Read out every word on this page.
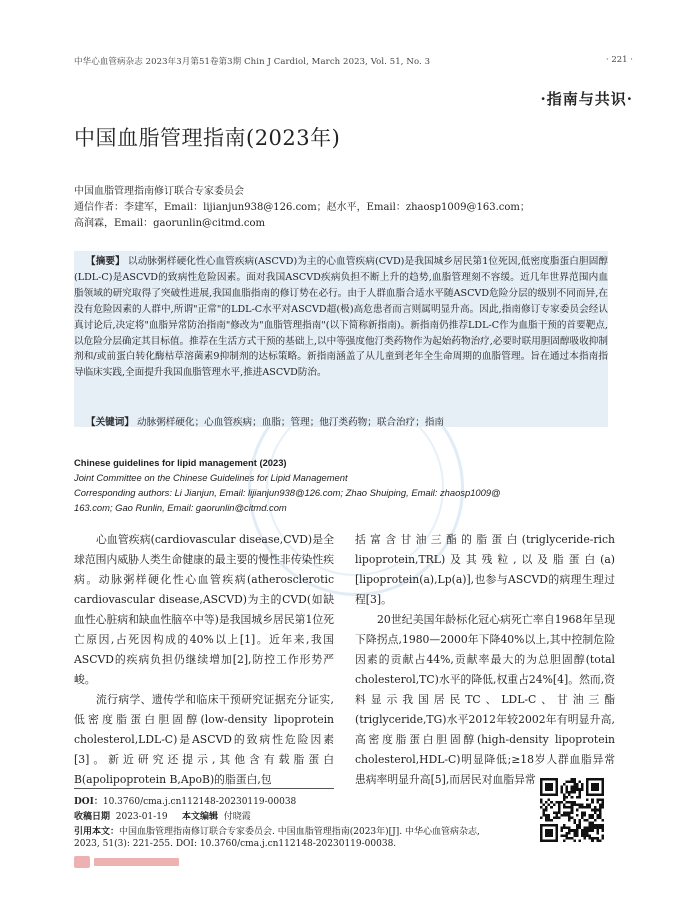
中华心血管病杂志 2023年3月第51卷第3期 Chin J Cardiol, March 2023, Vol. 51, No. 3	· 221 ·
·指南与共识·
中国血脂管理指南(2023年)
中国血脂管理指南修订联合专家委员会
通信作者：李建军，Email：lijianjun938@126.com；赵水平，Email：zhaosp1009@163.com；
高润霖，Email：gaorunlin@citmd.com
【摘要】 以动脉粥样硬化性心血管疾病(ASCVD)为主的心血管疾病(CVD)是我国城乡居民第1位死因,低密度脂蛋白胆固醇(LDL-C)是ASCVD的致病性危险因素。面对我国ASCVD疾病负担不断上升的趋势,血脂管理刻不容缓。近几年世界范围内血脂领域的研究取得了突破性进展,我国血脂指南的修订势在必行。由于人群血脂合适水平随ASCVD危险分层的级别不同而异,在没有危险因素的人群中,所谓"正常"的LDL-C水平对ASCVD超(极)高危患者而言则属明显升高。因此,指南修订专家委员会经认真讨论后,决定将"血脂异常防治指南"修改为"血脂管理指南"(以下简称新指南)。新指南仍推荐LDL-C作为血脂干预的首要靶点,以危险分层确定其目标值。推荐在生活方式干预的基础上,以中等强度他汀类药物作为起始药物治疗,必要时联用胆固醇吸收抑制剂和/或前蛋白转化酶枯草溶菌素9抑制剂的达标策略。新指南涵盖了从儿童到老年全生命周期的血脂管理。旨在通过本指南指导临床实践,全面提升我国血脂管理水平,推进ASCVD防治。
【关键词】 动脉粥样硬化；心血管疾病；血脂；管理；他汀类药物；联合治疗；指南
Chinese guidelines for lipid management (2023)
Joint Committee on the Chinese Guidelines for Lipid Management
Corresponding authors: Li Jianjun, Email: lijianjun938@126.com; Zhao Shuiping, Email: zhaosp1009@
163.com; Gao Runlin, Email: gaorunlin@citmd.com

心血管疾病(cardiovascular disease,CVD)是全球范围内威胁人类生命健康的最主要的慢性非传染性疾病。动脉粥样硬化性心血管疾病(atherosclerotic cardiovascular disease,ASCVD)为主的CVD(如缺血性心脏病和缺血性脑卒中等)是我国城乡居民第1位死亡原因,占死因构成的40%以上[1]。近年来,我国ASCVD的疾病负担仍继续增加[2],防控工作形势严峻。

流行病学、遗传学和临床干预研究证据充分证实,低密度脂蛋白胆固醇(low-density lipoprotein cholesterol,LDL-C)是ASCVD的致病性危险因素[3]。新近研究还提示,其他含有载脂蛋白B(apolipoprotein B,ApoB)的脂蛋白,包

括富含甘油三酯的脂蛋白(triglyceride-rich lipoprotein,TRL)及其残粒,以及脂蛋白(a)[lipoprotein(a),Lp(a)],也参与ASCVD的病理生理过程[3]。

20世纪美国年龄标化冠心病死亡率自1968年呈现下降拐点,1980—2000年下降40%以上,其中控制危险因素的贡献占44%,贡献率最大的为总胆固醇(total cholesterol,TC)水平的降低,权重占24%[4]。然而,资料显示我国居民TC、LDL-C、甘油三酯(triglyceride,TG)水平2012年较2002年有明显升高,高密度脂蛋白胆固醇(high-density lipoprotein cholesterol,HDL-C)明显降低;≥18岁人群血脂异常患病率明显升高[5],而居民对血脂异常

DOI：10.3760/cma.j.cn112148-20230119-00038
收稿日期 2023-01-19 本文编辑 付晓霞
引用本文：中国血脂管理指南修订联合专家委员会. 中国血脂管理指南(2023年)[J]. 中华心血管病杂志,
2023, 51(3): 221-255. DOI: 10.3760/cma.j.cn112148-20230119-00038.
